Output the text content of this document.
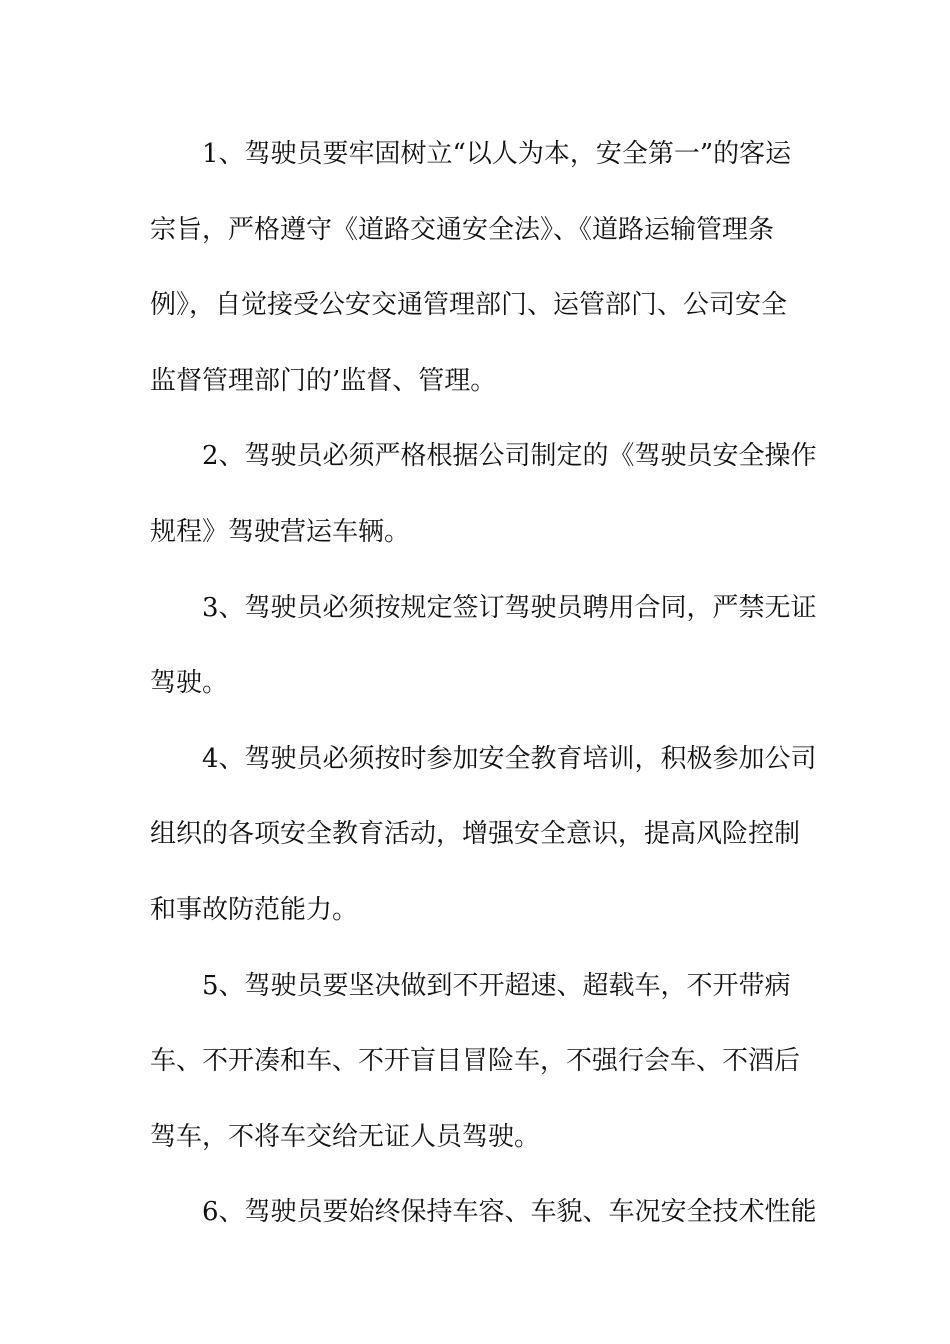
1、驾驶员要牢固树立“以人为本，安全第一”的客运
宗旨，严格遵守《道路交通安全法》、《道路运输管理条
例》，自觉接受公安交通管理部门、运管部门、公司安全
监督管理部门的’监督、管理。
2、驾驶员必须严格根据公司制定的《驾驶员安全操作
规程》驾驶营运车辆。
3、驾驶员必须按规定签订驾驶员聘用合同，严禁无证
驾驶。
4、驾驶员必须按时参加安全教育培训，积极参加公司
组织的各项安全教育活动，增强安全意识，提高风险控制
和事故防范能力。
5、驾驶员要坚决做到不开超速、超载车，不开带病
车、不开凑和车、不开盲目冒险车，不强行会车、不酒后
驾车，不将车交给无证人员驾驶。
6、驾驶员要始终保持车容、车貌、车况安全技术性能
